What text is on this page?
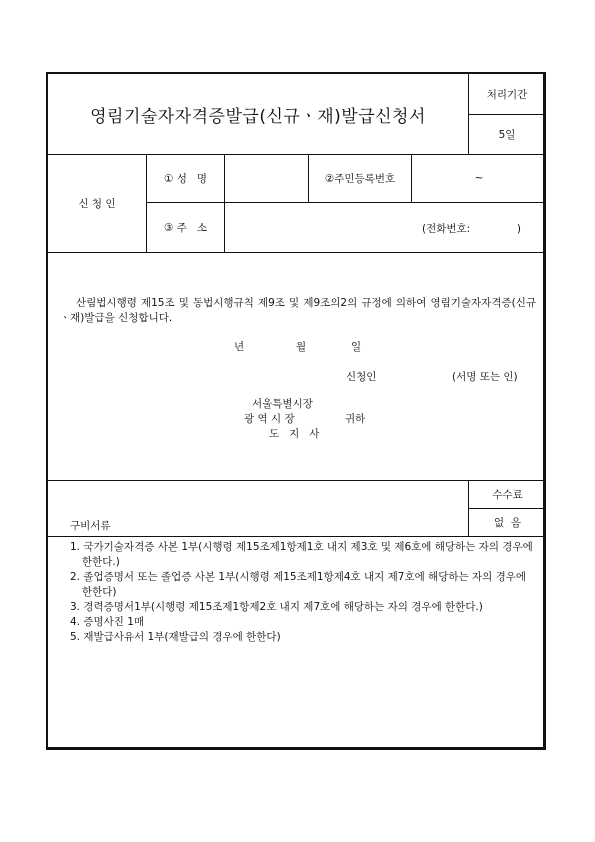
영림기술자자격증발급(신규ㆍ재)발급신청서
처리기간
5일
신 청 인
① 성   명	②주민등록번호	~
③ 주   소	(전화번호:              )
산림법시행령 제15조 및 동법시행규칙 제9조 및 제9조의2의 규정에 의하여 영림기술자자격증(신규ㆍ재)발급을 신청합니다.
년	월	일
신청인	(서명 또는 인)
서울특별시장
광 역 시 장	귀하
도   지   사
수수료
없  음
구비서류
1. 국가기술자격증 사본 1부(시행령 제15조제1항제1호 내지 제3호 및 제6호에 해당하는 자의 경우에 한한다.)
2. 졸업증명서 또는 졸업증 사본 1부(시행령 제15조제1항제4호 내지 제7호에 해당하는 자의 경우에 한한다)
3. 경력증명서1부(시행령 제15조제1항제2호 내지 제7호에 해당하는 자의 경우에 한한다.)
4. 증명사진 1매
5. 재발급사유서 1부(재발급의 경우에 한한다)
